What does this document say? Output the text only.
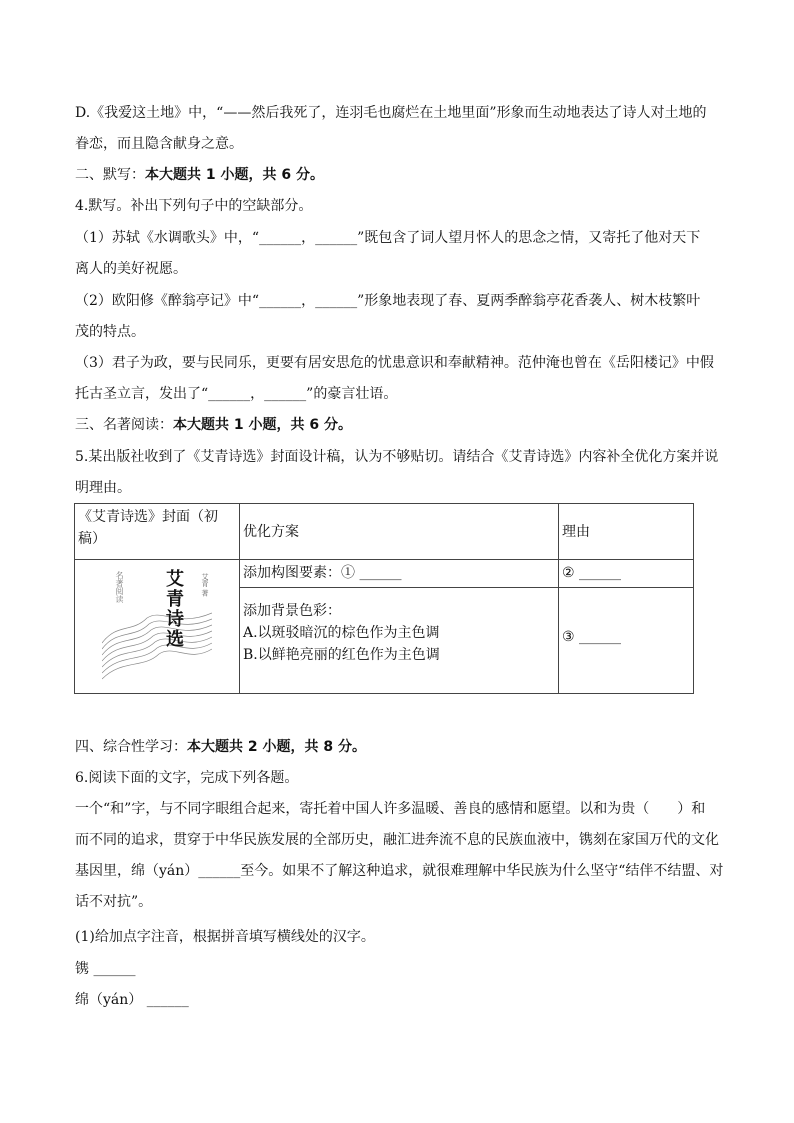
D.《我爱这土地》中，“——然后我死了，连羽毛也腐烂在土地里面”形象而生动地表达了诗人对土地的
眷恋，而且隐含献身之意。
二、默写：本大题共 1 小题，共 6 分。
4.默写。补出下列句子中的空缺部分。
（1）苏轼《水调歌头》中，“______，______”既包含了词人望月怀人的思念之情，又寄托了他对天下
离人的美好祝愿。
（2）欧阳修《醉翁亭记》中“______，______”形象地表现了春、夏两季醉翁亭花香袭人、树木枝繁叶
茂的特点。
（3）君子为政，要与民同乐，更要有居安思危的忧患意识和奉献精神。范仲淹也曾在《岳阳楼记》中假
托古圣立言，发出了“______，______”的豪言壮语。
三、名著阅读：本大题共 1 小题，共 6 分。
5.某出版社收到了《艾青诗选》封面设计稿，认为不够贴切。请结合《艾青诗选》内容补全优化方案并说
明理由。
《艾青诗选》封面（初稿）	优化方案	理由

名著阅读 艾青诗选 艾青 著	添加构图要素：① ______	② ______

	添加背景色彩：
A.以斑驳暗沉的棕色作为主色调
B.以鲜艳亮丽的红色作为主色调	③ ______
四、综合性学习：本大题共 2 小题，共 8 分。
6.阅读下面的文字，完成下列各题。
一个“和”字，与不同字眼组合起来，寄托着中国人许多温暖、善良的感情和愿望。以和为贵（　　）和
而不同的追求，贯穿于中华民族发展的全部历史，融汇进奔流不息的民族血液中，镌刻在家国万代的文化
基因里，绵（yán）______至今。如果不了解这种追求，就很难理解中华民族为什么坚守“结伴不结盟、对
话不对抗”。
(1)给加点字注音，根据拼音填写横线处的汉字。
镌 ______
绵（yán） ______
